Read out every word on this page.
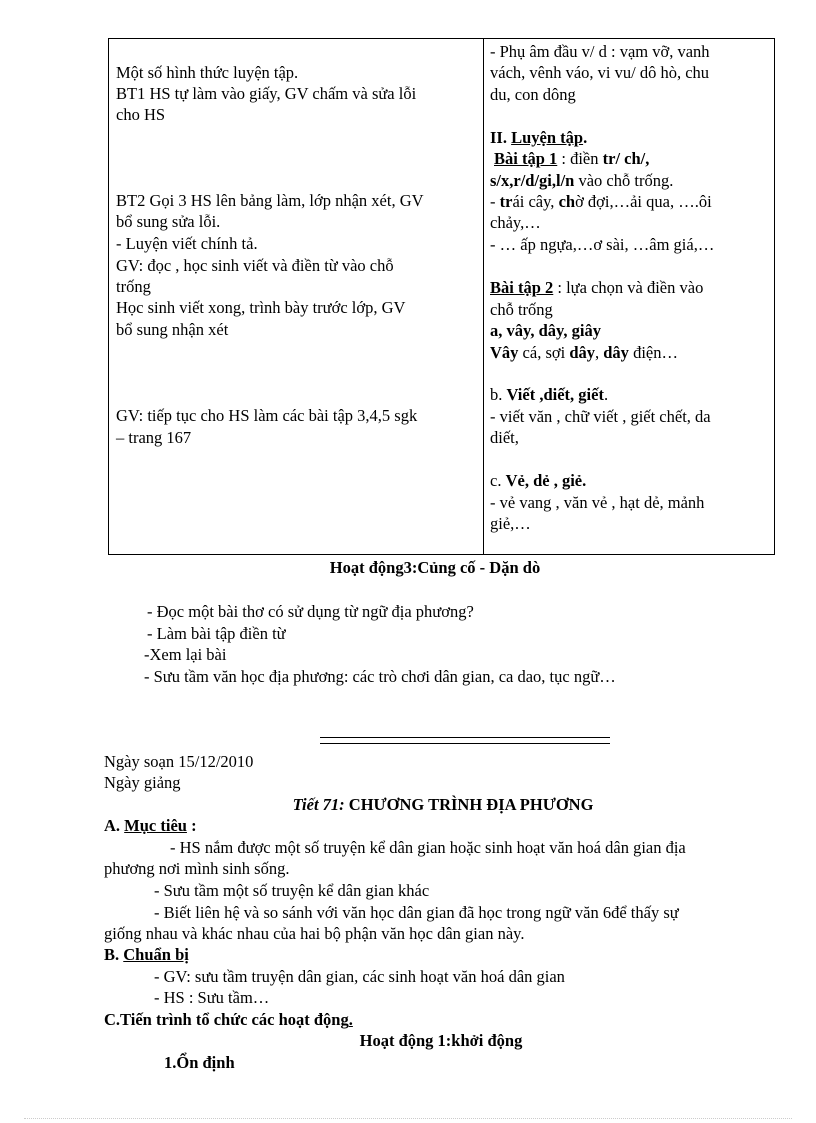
Một số hình thức luyện tập.
BT1 HS tự làm vào giấy, GV chấm và sửa lỗi
cho HS
BT2 Gọi 3 HS lên bảng làm, lớp nhận xét, GV
bổ sung sửa lỗi.
- Luyện viết chính tả.
GV: đọc , học sinh viết và điền từ vào chỗ
trống
Học sinh viết xong, trình bày trước lớp, GV
bổ sung nhận xét
GV: tiếp tục cho HS làm các bài tập 3,4,5 sgk
– trang 167
- Phụ âm đầu v/ d : vạm vỡ, vanh
vách, vênh váo, vi vu/ dô hò, chu
du, con dông
II. Luyện tập.
Bài tập 1 : điền tr/ ch/,
s/x,r/d/gi,l/n vào chỗ trống.
- trái cây, chờ đợi,…ải qua, ….ôi
chảy,…
- … ấp ngựa,…ơ sài, …âm giá,…
Bài tập 2 : lựa chọn và điền vào
chỗ trống
a, vây, dây, giây
Vây cá, sợi dây, dây điện…
b. Viết ,diết, giết.
- viết văn , chữ viết , giết chết, da
diết,
c. Vẻ, dẻ , giẻ.
- vẻ vang , văn vẻ , hạt dẻ, mảnh
giẻ,…
Hoạt động3:Củng cố - Dặn dò
- Đọc một bài thơ có sử dụng từ ngữ địa phương?
- Làm bài tập điền từ
-Xem lại bài
- Sưu tầm văn học địa phương: các trò chơi dân gian, ca dao, tục ngữ…
Ngày soạn 15/12/2010
Ngày giảng
Tiết 71: CHƯƠNG TRÌNH ĐỊA PHƯƠNG
A. Mục tiêu :
- HS nắm được một số truyện kể dân gian hoặc sinh hoạt văn hoá dân gian địa
phương nơi mình sinh sống.
- Sưu tầm một số truyện kể dân gian khác
- Biết liên hệ và so sánh với văn học dân gian đã học trong ngữ văn 6để thấy sự
giống nhau và khác nhau của hai bộ phận văn học dân gian này.
B. Chuẩn bị
- GV: sưu tầm truyện dân gian, các sinh hoạt văn hoá dân gian
- HS : Sưu tầm…
C.Tiến trình tổ chức các hoạt động.
Hoạt động 1:khởi động
1.Ổn định
